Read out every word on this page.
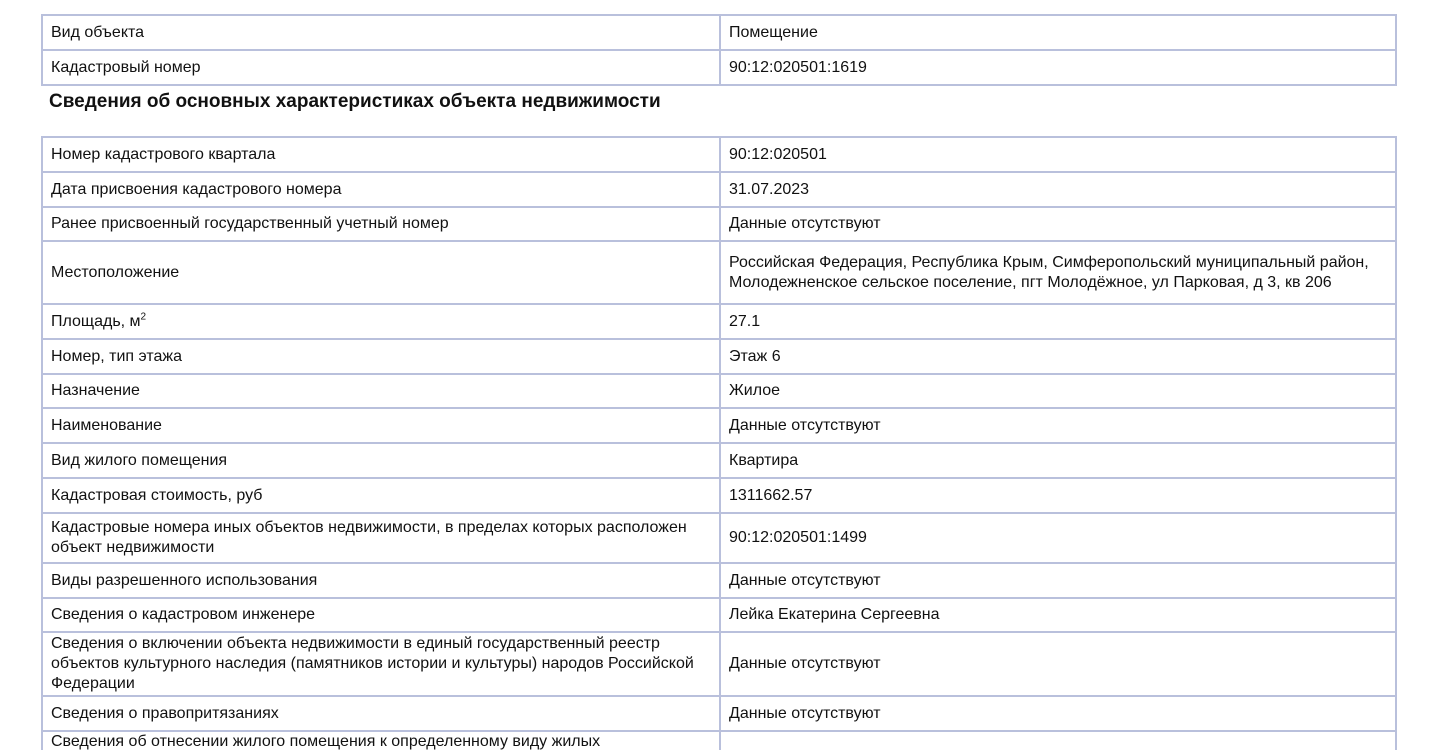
Вид объекта	Помещение
Кадастровый номер	90:12:020501:1619
Сведения об основных характеристиках объекта недвижимости
Номер кадастрового квартала	90:12:020501
Дата присвоения кадастрового номера	31.07.2023
Ранее присвоенный государственный учетный номер	Данные отсутствуют
Местоположение	Российская Федерация, Республика Крым, Симферопольский муниципальный район, Молодежненское сельское поселение, пгт Молодёжное, ул Парковая, д 3, кв 206
Площадь, $м^2$	27.1
Номер, тип этажа	Этаж 6
Назначение	Жилое
Наименование	Данные отсутствуют
Вид жилого помещения	Квартира
Кадастровая стоимость, руб	1311662.57
Кадастровые номера иных объектов недвижимости, в пределах которых расположен объект недвижимости	90:12:020501:1499
Виды разрешенного использования	Данные отсутствуют
Сведения о кадастровом инженере	Лейка Екатерина Сергеевна
Сведения о включении объекта недвижимости в единый государственный реестр объектов культурного наследия (памятников истории и культуры) народов Российской Федерации	Данные отсутствуют
Сведения о правопритязаниях	Данные отсутствуют
Сведения об отнесении жилого помещения к определенному виду жилых	
